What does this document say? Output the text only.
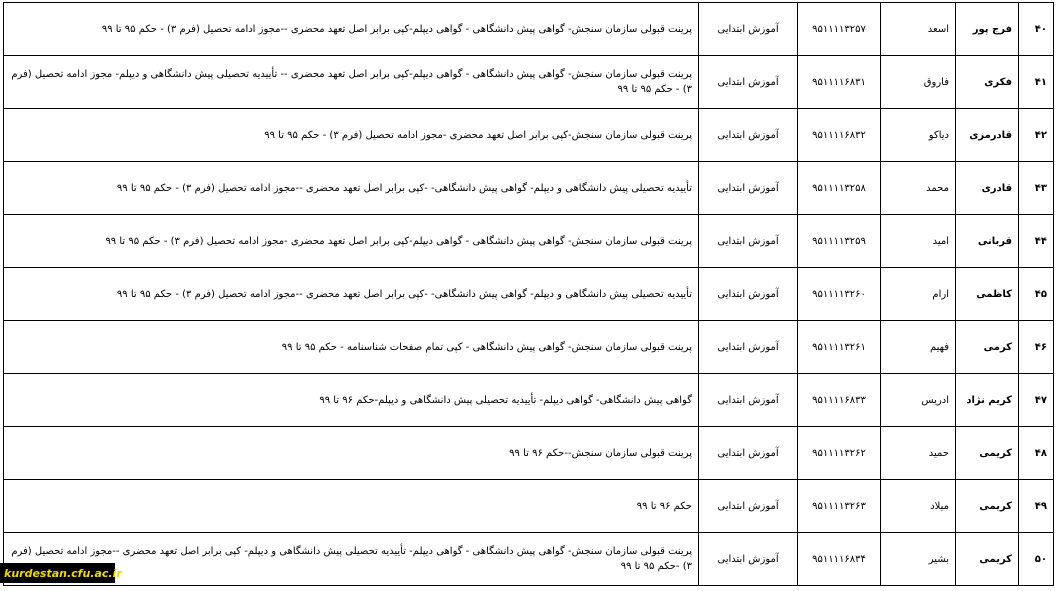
۴۰	فرج پور	اسعد	۹۵۱۱۱۱۳۲۵۷	آموزش ابتدایی	پرینت قبولی سازمان سنجش- گواهی پیش دانشگاهی - گواهی دیپلم-کپی برابر اصل تعهد محضری --مجوز ادامه تحصیل (فرم ۳) - حکم ۹۵ تا ۹۹
۴۱	فکری	فاروق	۹۵۱۱۱۱۶۸۳۱	آموزش ابتدایی	پرینت قبولی سازمان سنجش- گواهی پیش دانشگاهی - گواهی دیپلم-کپی برابر اصل تعهد محضری -- تأییدیه تحصیلی پیش دانشگاهی و دیپلم- مجوز ادامه تحصیل (فرم ۳) - حکم ۹۵ تا ۹۹
۴۲	قادرمزی	دیاکو	۹۵۱۱۱۱۶۸۳۲	آموزش ابتدایی	پرینت قبولی سازمان سنجش-کپی برابر اصل تعهد محضری -مجوز ادامه تحصیل (فرم ۳) - حکم ۹۵ تا ۹۹
۴۳	قادری	محمد	۹۵۱۱۱۱۳۲۵۸	آموزش ابتدایی	تأییدیه تحصیلی پیش دانشگاهی و دیپلم- گواهی پیش دانشگاهی- -کپی برابر اصل تعهد محضری --مجوز ادامه تحصیل (فرم ۳) - حکم ۹۵ تا ۹۹
۴۴	قربانی	امید	۹۵۱۱۱۱۳۲۵۹	آموزش ابتدایی	پرینت قبولی سازمان سنجش- گواهی پیش دانشگاهی - گواهی دیپلم-کپی برابر اصل تعهد محضری -مجوز ادامه تحصیل (فرم ۳) - حکم ۹۵ تا ۹۹
۴۵	کاظمی	ارام	۹۵۱۱۱۱۳۲۶۰	آموزش ابتدایی	تأییدیه تحصیلی پیش دانشگاهی و دیپلم- گواهی پیش دانشگاهی- -کپی برابر اصل تعهد محضری --مجوز ادامه تحصیل (فرم ۳) - حکم ۹۵ تا ۹۹
۴۶	کرمی	فهیم	۹۵۱۱۱۱۳۲۶۱	آموزش ابتدایی	پرینت قبولی سازمان سنجش- گواهی پیش دانشگاهی - کپی تمام صفحات شناسنامه - حکم ۹۵ تا ۹۹
۴۷	کریم نژاد	ادریس	۹۵۱۱۱۱۶۸۳۳	آموزش ابتدایی	گواهی پیش دانشگاهی- گواهی دیپلم- تأییدیه تحصیلی پیش دانشگاهی و دیپلم-حکم ۹۶ تا ۹۹
۴۸	کریمی	حمید	۹۵۱۱۱۱۳۲۶۲	آموزش ابتدایی	پرینت قبولی سازمان سنجش--حکم ۹۶ تا ۹۹
۴۹	کریمی	میلاد	۹۵۱۱۱۱۳۲۶۳	آموزش ابتدایی	حکم ۹۶ تا ۹۹
۵۰	کریمی	بشیر	۹۵۱۱۱۱۶۸۳۴	آموزش ابتدایی	پرینت قبولی سازمان سنجش- گواهی پیش دانشگاهی - گواهی دیپلم- تأییدیه تحصیلی پیش دانشگاهی و دیپلم- کپی برابر اصل تعهد محضری --مجوز ادامه تحصیل (فرم ۳) -حکم ۹۵ تا ۹۹
kurdestan.cfu.ac.ir
